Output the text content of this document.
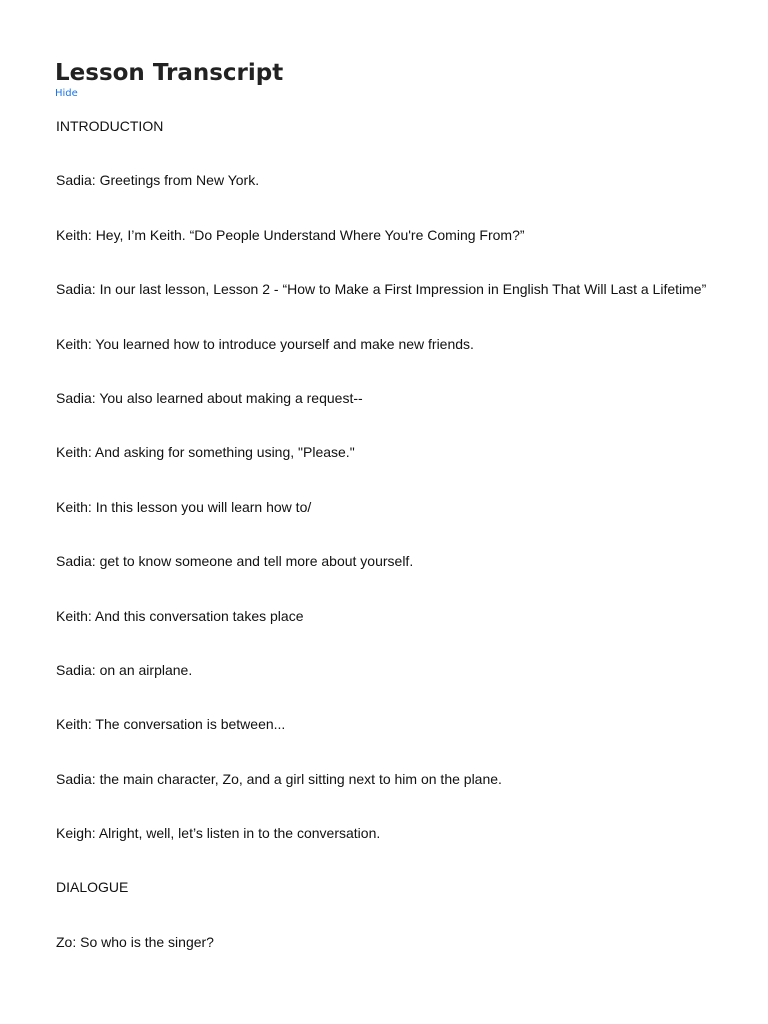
Lesson Transcript
Hide
INTRODUCTION
Sadia: Greetings from New York.
Keith: Hey, I’m Keith. “Do People Understand Where You're Coming From?”
Sadia: In our last lesson, Lesson 2 - “How to Make a First Impression in English That Will Last a Lifetime”
Keith: You learned how to introduce yourself and make new friends.
Sadia: You also learned about making a request--
Keith: And asking for something using, "Please."
Keith: In this lesson you will learn how to/
Sadia: get to know someone and tell more about yourself.
Keith: And this conversation takes place
Sadia: on an airplane.
Keith: The conversation is between...
Sadia: the main character, Zo, and a girl sitting next to him on the plane.
Keigh: Alright, well, let’s listen in to the conversation.
DIALOGUE
Zo: So who is the singer?
